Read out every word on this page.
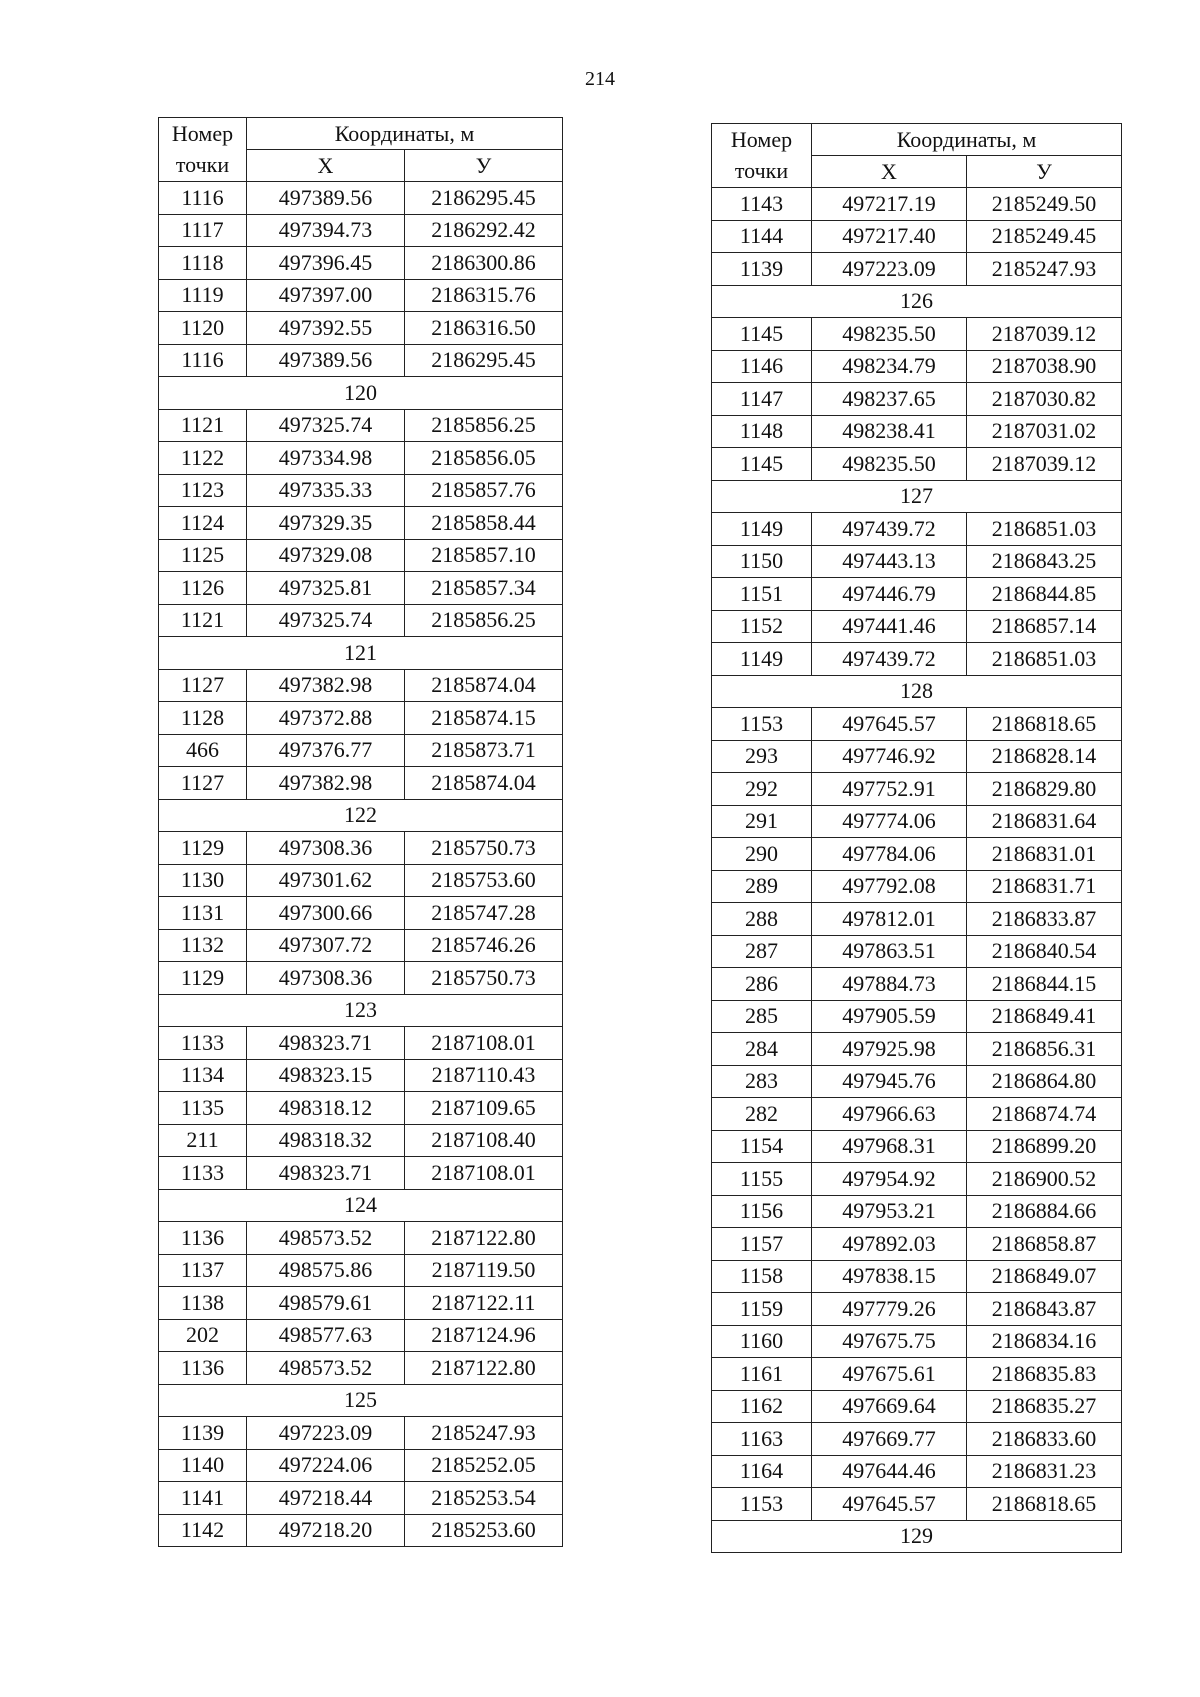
214
Номер	Координаты, м	
точки	Х	У
1116	497389.56	2186295.45
1117	497394.73	2186292.42
1118	497396.45	2186300.86
1119	497397.00	2186315.76
1120	497392.55	2186316.50
1116	497389.56	2186295.45
120		
1121	497325.74	2185856.25
1122	497334.98	2185856.05
1123	497335.33	2185857.76
1124	497329.35	2185858.44
1125	497329.08	2185857.10
1126	497325.81	2185857.34
1121	497325.74	2185856.25
121		
1127	497382.98	2185874.04
1128	497372.88	2185874.15
466	497376.77	2185873.71
1127	497382.98	2185874.04
122		
1129	497308.36	2185750.73
1130	497301.62	2185753.60
1131	497300.66	2185747.28
1132	497307.72	2185746.26
1129	497308.36	2185750.73
123		
1133	498323.71	2187108.01
1134	498323.15	2187110.43
1135	498318.12	2187109.65
211	498318.32	2187108.40
1133	498323.71	2187108.01
124		
1136	498573.52	2187122.80
1137	498575.86	2187119.50
1138	498579.61	2187122.11
202	498577.63	2187124.96
1136	498573.52	2187122.80
125		
1139	497223.09	2185247.93
1140	497224.06	2185252.05
1141	497218.44	2185253.54
1142	497218.20	2185253.60
Номер	Координаты, м	
точки	Х	У
1143	497217.19	2185249.50
1144	497217.40	2185249.45
1139	497223.09	2185247.93
126		
1145	498235.50	2187039.12
1146	498234.79	2187038.90
1147	498237.65	2187030.82
1148	498238.41	2187031.02
1145	498235.50	2187039.12
127		
1149	497439.72	2186851.03
1150	497443.13	2186843.25
1151	497446.79	2186844.85
1152	497441.46	2186857.14
1149	497439.72	2186851.03
128		
1153	497645.57	2186818.65
293	497746.92	2186828.14
292	497752.91	2186829.80
291	497774.06	2186831.64
290	497784.06	2186831.01
289	497792.08	2186831.71
288	497812.01	2186833.87
287	497863.51	2186840.54
286	497884.73	2186844.15
285	497905.59	2186849.41
284	497925.98	2186856.31
283	497945.76	2186864.80
282	497966.63	2186874.74
1154	497968.31	2186899.20
1155	497954.92	2186900.52
1156	497953.21	2186884.66
1157	497892.03	2186858.87
1158	497838.15	2186849.07
1159	497779.26	2186843.87
1160	497675.75	2186834.16
1161	497675.61	2186835.83
1162	497669.64	2186835.27
1163	497669.77	2186833.60
1164	497644.46	2186831.23
1153	497645.57	2186818.65
129		
